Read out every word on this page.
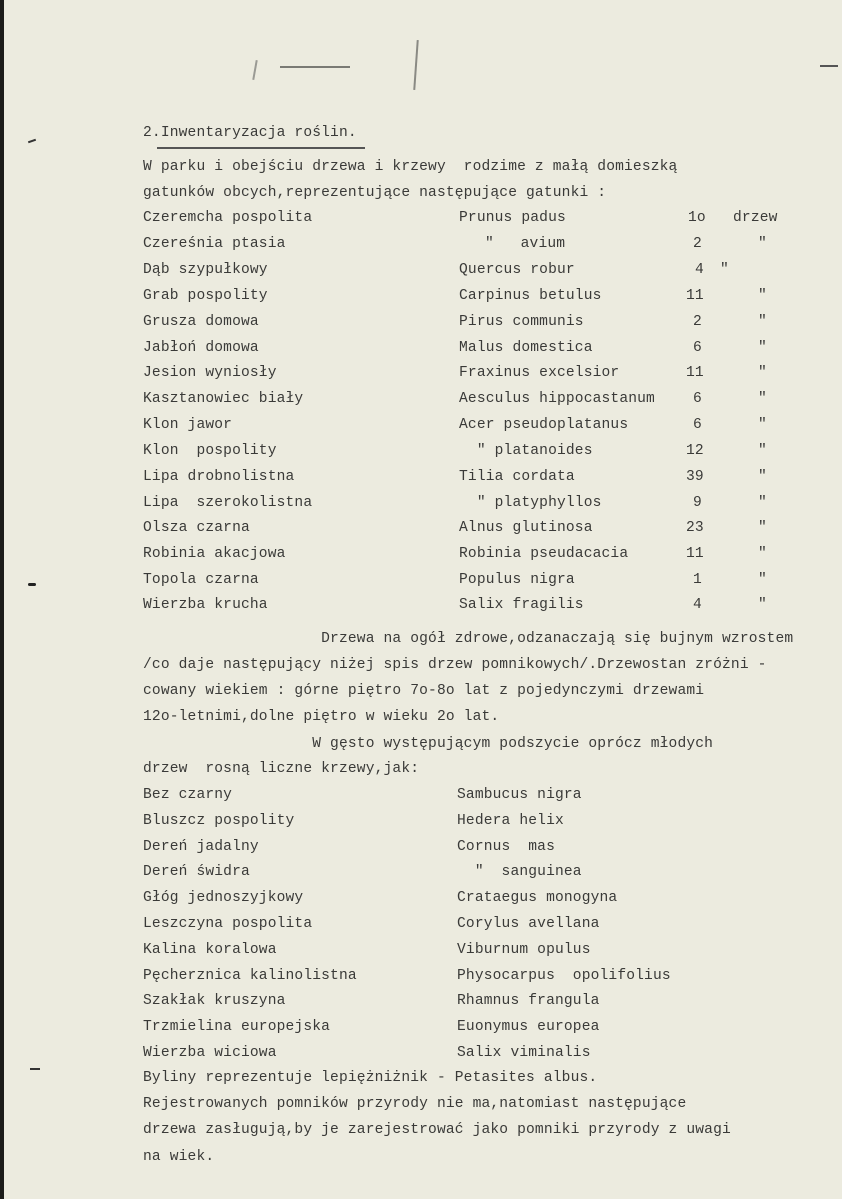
2.Inwentaryzacja roślin.
W parku i obejściu drzewa i krzewy  rodzime z małą domieszką
gatunków obcych,reprezentujące następujące gatunki :
Czeremcha pospolita	Prunus padus	1o drzew
Czereśnia ptasia	"   avium	2	"
Dąb szypułkowy	Quercus robur	4 "
Grab pospolity	Carpinus betulus	11	"
Grusza domowa	Pirus communis	2	"
Jabłoń domowa	Malus domestica	6	"
Jesion wyniosły	Fraxinus excelsior	11	"
Kasztanowiec biały	Aesculus hippocastanum	6	"
Klon jawor	Acer pseudoplatanus	6	"
Klon  pospolity	" platanoides	12	"
Lipa drobnolistna	Tilia cordata	39	"
Lipa  szerokolistna	" platyphyllos	9	"
Olsza czarna	Alnus glutinosa	23	"
Robinia akacjowa	Robinia pseudacacia	11	"
Topola czarna	Populus nigra	1	"
Wierzba krucha	Salix fragilis	4	"
Drzewa na ogół zdrowe,odzanaczają się bujnym wzrostem
/co daje następujący niżej spis drzew pomnikowych/.Drzewostan zróżni -
cowany wiekiem : górne piętro 7o-8o lat z pojedynczymi drzewami
12o-letnimi,dolne piętro w wieku 2o lat.
W gęsto występującym podszycie oprócz młodych
drzew  rosną liczne krzewy,jak:
Bez czarny	Sambucus nigra
Bluszcz pospolity	Hedera helix
Dereń jadalny	Cornus  mas
Dereń świdra	"  sanguinea
Głóg jednoszyjkowy	Crataegus monogyna
Leszczyna pospolita	Corylus avellana
Kalina koralowa	Viburnum opulus
Pęcherznica kalinolistna	Physocarpus  opolifolius
Szakłak kruszyna	Rhamnus frangula
Trzmielina europejska	Euonymus europea
Wierzba wiciowa	Salix viminalis
Byliny reprezentuje lepiężniżnik - Petasites albus.
Rejestrowanych pomników przyrody nie ma,natomiast następujące
drzewa zasługują,by je zarejestrować jako pomniki przyrody z uwagi
na wiek.
